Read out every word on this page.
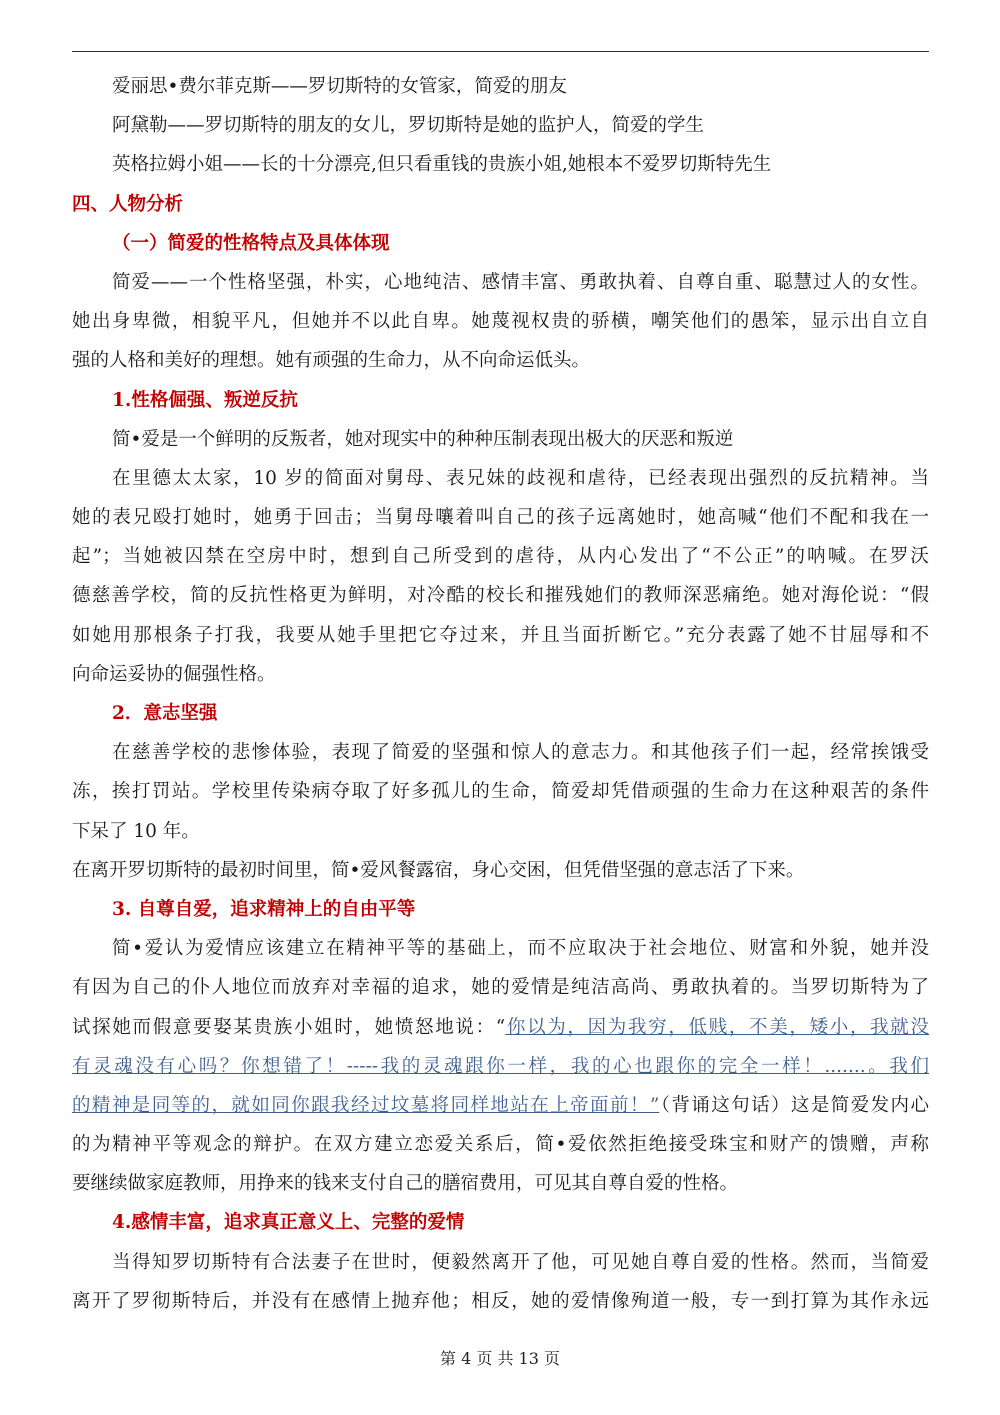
爱丽思•费尔菲克斯——罗切斯特的女管家，简爱的朋友
阿黛勒——罗切斯特的朋友的女儿，罗切斯特是她的监护人，简爱的学生
英格拉姆小姐——长的十分漂亮,但只看重钱的贵族小姐,她根本不爱罗切斯特先生
四、人物分析
（一）简爱的性格特点及具体体现
简爱——一个性格坚强，朴实，心地纯洁、感情丰富、勇敢执着、自尊自重、聪慧过人的女性。
她出身卑微，相貌平凡，但她并不以此自卑。她蔑视权贵的骄横，嘲笑他们的愚笨，显示出自立自
强的人格和美好的理想。她有顽强的生命力，从不向命运低头。
1.性格倔强、叛逆反抗
简•爱是一个鲜明的反叛者，她对现实中的种种压制表现出极大的厌恶和叛逆
在里德太太家，10 岁的简面对舅母、表兄妹的歧视和虐待，已经表现出强烈的反抗精神。当
她的表兄殴打她时，她勇于回击；当舅母嚷着叫自己的孩子远离她时，她高喊“他们不配和我在一
起”；当她被囚禁在空房中时，想到自己所受到的虐待，从内心发出了“不公正”的呐喊。在罗沃
德慈善学校，简的反抗性格更为鲜明，对冷酷的校长和摧残她们的教师深恶痛绝。她对海伦说：“假
如她用那根条子打我，我要从她手里把它夺过来，并且当面折断它。”充分表露了她不甘屈辱和不
向命运妥协的倔强性格。
2．意志坚强
在慈善学校的悲惨体验，表现了简爱的坚强和惊人的意志力。和其他孩子们一起，经常挨饿受
冻，挨打罚站。学校里传染病夺取了好多孤儿的生命，简爱却凭借顽强的生命力在这种艰苦的条件
下呆了 10 年。
在离开罗切斯特的最初时间里，简•爱风餐露宿，身心交困，但凭借坚强的意志活了下来。
3. 自尊自爱，追求精神上的自由平等
简•爱认为爱情应该建立在精神平等的基础上，而不应取决于社会地位、财富和外貌，她并没
有因为自己的仆人地位而放弃对幸福的追求，她的爱情是纯洁高尚、勇敢执着的。当罗切斯特为了
试探她而假意要娶某贵族小姐时，她愤怒地说：“你以为，因为我穷，低贱，不美，矮小，我就没
有灵魂没有心吗？你想错了！-----我的灵魂跟你一样，我的心也跟你的完全一样！.......。我们
的精神是同等的，就如同你跟我经过坟墓将同样地站在上帝面前！”（背诵这句话）这是简爱发内心
的为精神平等观念的辩护。在双方建立恋爱关系后，简•爱依然拒绝接受珠宝和财产的馈赠，声称
要继续做家庭教师，用挣来的钱来支付自己的膳宿费用，可见其自尊自爱的性格。
4.感情丰富，追求真正意义上、完整的爱情
当得知罗切斯特有合法妻子在世时，便毅然离开了他，可见她自尊自爱的性格。然而，当简爱
离开了罗彻斯特后，并没有在感情上抛弃他；相反，她的爱情像殉道一般，专一到打算为其作永远
第 4 页 共 13 页
